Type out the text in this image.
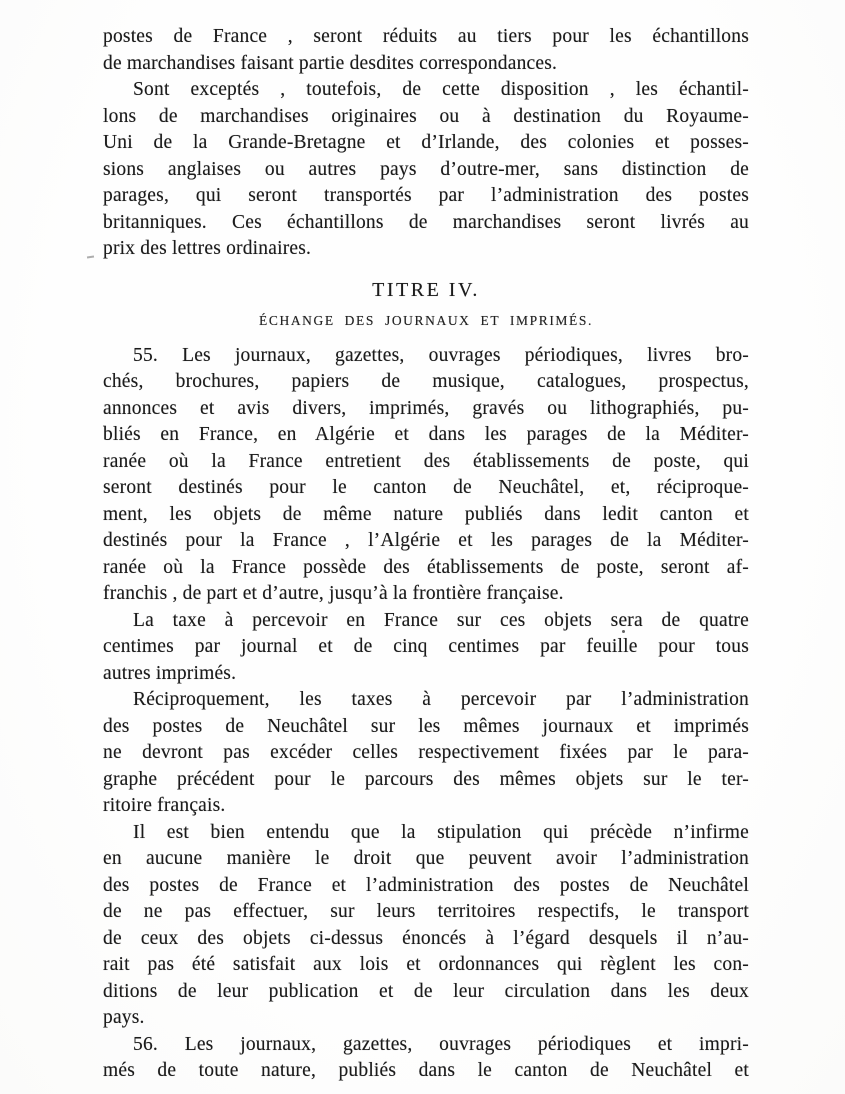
postes de France , seront réduits au tiers pour les échantillons
de marchandises faisant partie desdites correspondances.
Sont exceptés , toutefois, de cette disposition , les échantil-
lons de marchandises originaires ou à destination du Royaume-
Uni de la Grande-Bretagne et d’Irlande, des colonies et posses-
sions anglaises ou autres pays d’outre-mer, sans distinction de
parages, qui seront transportés par l’administration des postes
britanniques. Ces échantillons de marchandises seront livrés au
prix des lettres ordinaires.
TITRE IV.
ÉCHANGE DES JOURNAUX ET IMPRIMÉS.
55. Les journaux, gazettes, ouvrages périodiques, livres bro-
chés, brochures, papiers de musique, catalogues, prospectus,
annonces et avis divers, imprimés, gravés ou lithographiés, pu-
bliés en France, en Algérie et dans les parages de la Méditer-
ranée où la France entretient des établissements de poste, qui
seront destinés pour le canton de Neuchâtel, et, réciproque-
ment, les objets de même nature publiés dans ledit canton et
destinés pour la France , l’Algérie et les parages de la Méditer-
ranée où la France possède des établissements de poste, seront af-
franchis , de part et d’autre, jusqu’à la frontière française.
La taxe à percevoir en France sur ces objets sera de quatre
centimes par journal et de cinq centimes par feuille pour tous
autres imprimés.
Réciproquement, les taxes à percevoir par l’administration
des postes de Neuchâtel sur les mêmes journaux et imprimés
ne devront pas excéder celles respectivement fixées par le para-
graphe précédent pour le parcours des mêmes objets sur le ter-
ritoire français.
Il est bien entendu que la stipulation qui précède n’infirme
en aucune manière le droit que peuvent avoir l’administration
des postes de France et l’administration des postes de Neuchâtel
de ne pas effectuer, sur leurs territoires respectifs, le transport
de ceux des objets ci-dessus énoncés à l’égard desquels il n’au-
rait pas été satisfait aux lois et ordonnances qui règlent les con-
ditions de leur publication et de leur circulation dans les deux
pays.
56. Les journaux, gazettes, ouvrages périodiques et impri-
més de toute nature, publiés dans le canton de Neuchâtel et
